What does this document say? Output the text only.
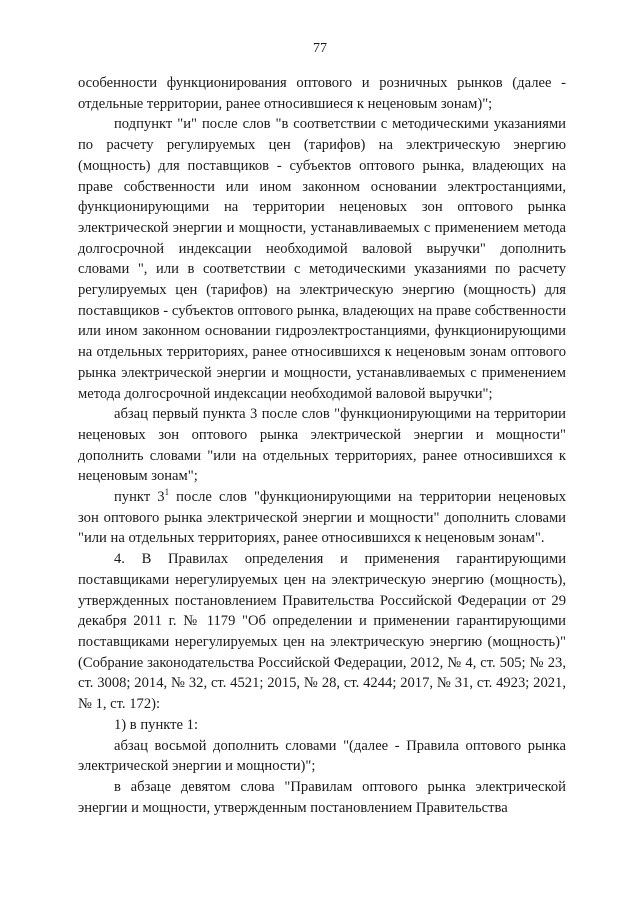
77

особенности функционирования оптового и розничных рынков (далее - отдельные территории, ранее относившиеся к неценовым зонам)";

подпункт "и" после слов "в соответствии с методическими указаниями по расчету регулируемых цен (тарифов) на электрическую энергию (мощность) для поставщиков - субъектов оптового рынка, владеющих на праве собственности или ином законном основании электростанциями, функционирующими на территории неценовых зон оптового рынка электрической энергии и мощности, устанавливаемых с применением метода долгосрочной индексации необходимой валовой выручки" дополнить словами ", или в соответствии с методическими указаниями по расчету регулируемых цен (тарифов) на электрическую энергию (мощность) для поставщиков - субъектов оптового рынка, владеющих на праве собственности или ином законном основании гидроэлектростанциями, функционирующими на отдельных территориях, ранее относившихся к неценовым зонам оптового рынка электрической энергии и мощности, устанавливаемых с применением метода долгосрочной индексации необходимой валовой выручки";

абзац первый пункта 3 после слов "функционирующими на территории неценовых зон оптового рынка электрической энергии и мощности" дополнить словами "или на отдельных территориях, ранее относившихся к неценовым зонам";

пункт $3^1$ после слов "функционирующими на территории неценовых зон оптового рынка электрической энергии и мощности" дополнить словами "или на отдельных территориях, ранее относившихся к неценовым зонам".

4. В Правилах определения и применения гарантирующими поставщиками нерегулируемых цен на электрическую энергию (мощность), утвержденных постановлением Правительства Российской Федерации от 29 декабря 2011 г. № 1179 "Об определении и применении гарантирующими поставщиками нерегулируемых цен на электрическую энергию (мощность)" (Собрание законодательства Российской Федерации, 2012, № 4, ст. 505; № 23, ст. 3008; 2014, № 32, ст. 4521; 2015, № 28, ст. 4244; 2017, № 31, ст. 4923; 2021, № 1, ст. 172):

1) в пункте 1:

абзац восьмой дополнить словами "(далее - Правила оптового рынка электрической энергии и мощности)";

в абзаце девятом слова "Правилам оптового рынка электрической энергии и мощности, утвержденным постановлением Правительства
